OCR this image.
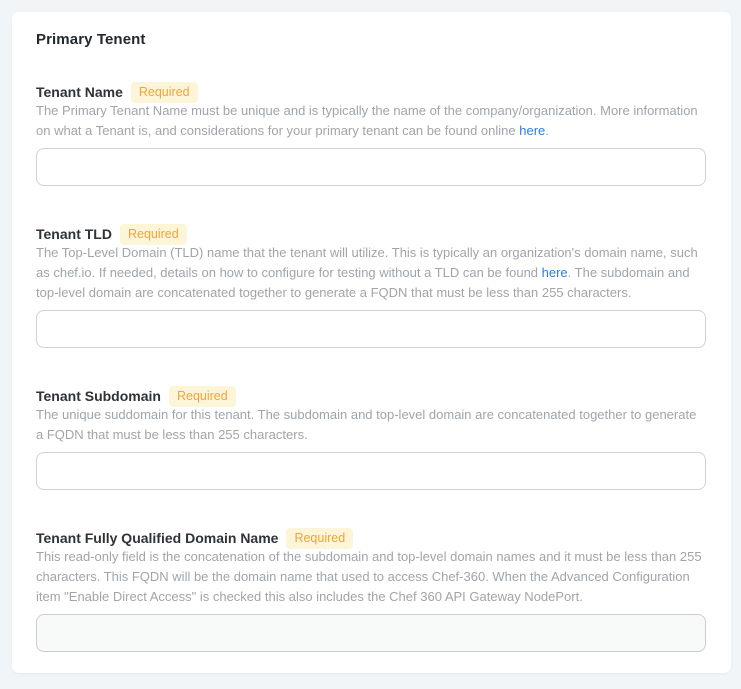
Primary Tenent
Tenant Name	Required

The Primary Tenant Name must be unique and is typically the name of the company/organization. More information on what a Tenant is, and considerations for your primary tenant can be found online here.

Tenant TLD	Required

The Top-Level Domain (TLD) name that the tenant will utilize. This is typically an organization's domain name, such as chef.io. If needed, details on how to configure for testing without a TLD can be found here. The subdomain and top-level domain are concatenated together to generate a FQDN that must be less than 255 characters.

Tenant Subdomain	Required

The unique suddomain for this tenant. The subdomain and top-level domain are concatenated together to generate a FQDN that must be less than 255 characters.

Tenant Fully Qualified Domain Name	Required

This read-only field is the concatenation of the subdomain and top-level domain names and it must be less than 255 characters. This FQDN will be the domain name that used to access Chef-360. When the Advanced Configuration item "Enable Direct Access" is checked this also includes the Chef 360 API Gateway NodePort.
